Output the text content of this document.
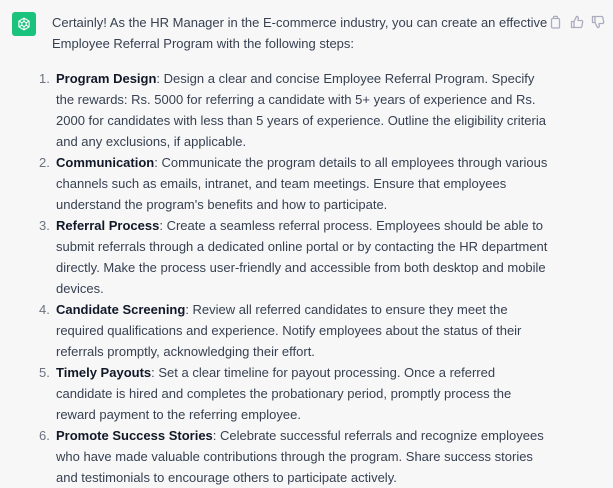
Certainly! As the HR Manager in the E-commerce industry, you can create an effective Employee Referral Program with the following steps:

1. Program Design: Design a clear and concise Employee Referral Program. Specify the rewards: Rs. 5000 for referring a candidate with 5+ years of experience and Rs. 2000 for candidates with less than 5 years of experience. Outline the eligibility criteria and any exclusions, if applicable.
2. Communication: Communicate the program details to all employees through various channels such as emails, intranet, and team meetings. Ensure that employees understand the program's benefits and how to participate.
3. Referral Process: Create a seamless referral process. Employees should be able to submit referrals through a dedicated online portal or by contacting the HR department directly. Make the process user-friendly and accessible from both desktop and mobile devices.
4. Candidate Screening: Review all referred candidates to ensure they meet the required qualifications and experience. Notify employees about the status of their referrals promptly, acknowledging their effort.
5. Timely Payouts: Set a clear timeline for payout processing. Once a referred candidate is hired and completes the probationary period, promptly process the reward payment to the referring employee.
6. Promote Success Stories: Celebrate successful referrals and recognize employees who have made valuable contributions through the program. Share success stories and testimonials to encourage others to participate actively.
